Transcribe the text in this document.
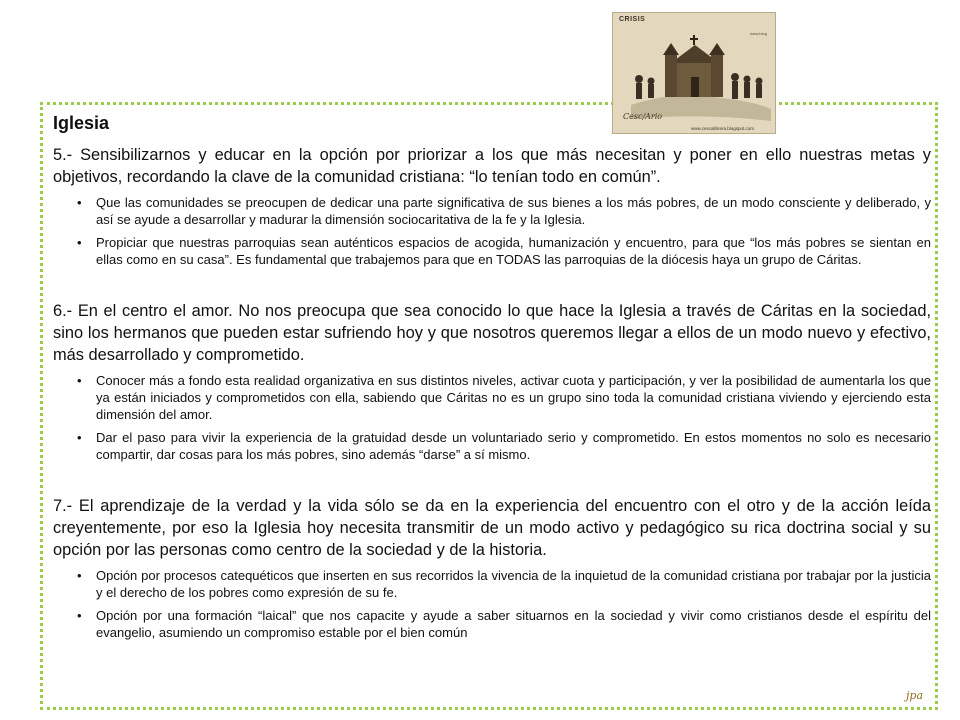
CRISIS
www.blog
Cesc/Ario
www.cescalibrera.blogspot.com
Iglesia

5.- Sensibilizarnos y educar en la opción por priorizar a los que más necesitan y poner en ello nuestras metas y objetivos, recordando la clave de la comunidad cristiana: “lo tenían todo en común”.

• Que las comunidades se preocupen de dedicar una parte significativa de sus bienes a los más pobres, de un modo consciente y deliberado, y así se ayude a desarrollar y madurar la dimensión sociocaritativa de la fe y la Iglesia.
• Propiciar que nuestras parroquias sean auténticos espacios de acogida, humanización y encuentro, para que “los más pobres se sientan en ellas como en su casa”. Es fundamental que trabajemos para que en TODAS las parroquias de la diócesis haya un grupo de Cáritas.

6.- En el centro el amor. No nos preocupa que sea conocido lo que hace la Iglesia a través de Cáritas en la sociedad, sino los hermanos que pueden estar sufriendo hoy y que nosotros queremos llegar a ellos de un modo nuevo y efectivo, más desarrollado y comprometido.

• Conocer más a fondo esta realidad organizativa en sus distintos niveles, activar cuota y participación, y ver la posibilidad de aumentarla los que ya están iniciados y comprometidos con ella, sabiendo que Cáritas no es un grupo sino toda la comunidad cristiana viviendo y ejerciendo esta dimensión del amor.
• Dar el paso para vivir la experiencia de la gratuidad desde un voluntariado serio y comprometido. En estos momentos no solo es necesario compartir, dar cosas para los más pobres, sino además “darse” a sí mismo.

7.- El aprendizaje de la verdad y la vida sólo se da en la experiencia del encuentro con el otro y de la acción leída creyentemente, por eso la Iglesia hoy necesita transmitir de un modo activo y pedagógico su rica doctrina social y su opción por las personas como centro de la sociedad y de la historia.

• Opción por procesos catequéticos que inserten en sus recorridos la vivencia de la inquietud de la comunidad cristiana por trabajar por la justicia y el derecho de los pobres como expresión de su fe.
• Opción por una formación “laical” que nos capacite y ayude a saber situarnos en la sociedad y vivir como cristianos desde el espíritu del evangelio, asumiendo un compromiso estable por el bien común
jpa
